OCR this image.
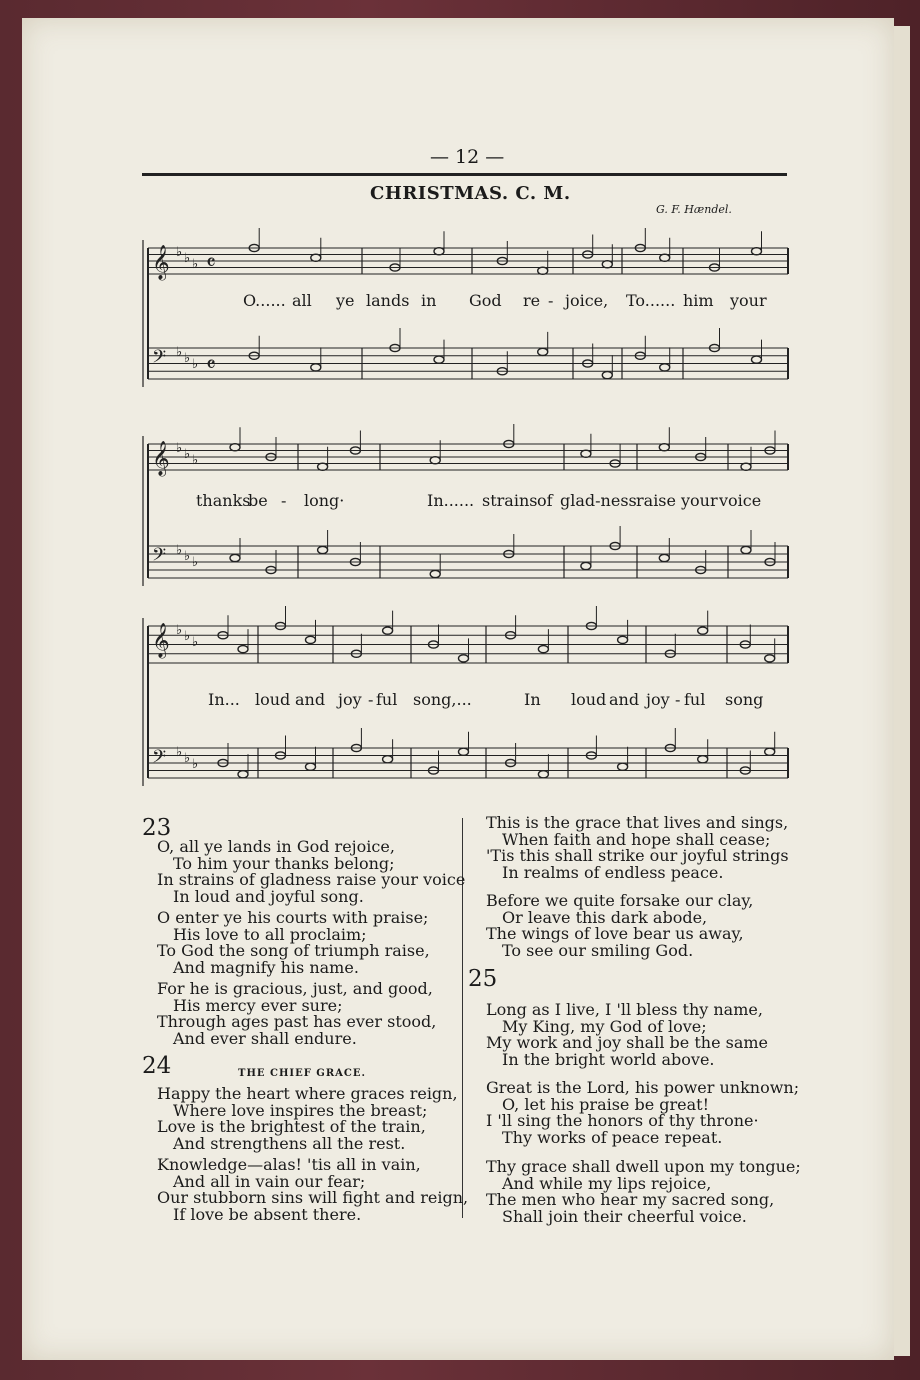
— 12 —
CHRISTMAS. C. M.
G. F. Hændel.
𝄞 ♭ ♭ ♭
𝄢 ♭ ♭ ♭
𝄞 ♭ ♭ ♭
𝄢 ♭ ♭ ♭
𝄞 ♭ ♭ ♭
𝄢 ♭ ♭ ♭
𝄴
𝄴
O...... all ye lands in God re - joice, To...... him your
thanks
be - long·	In...... strains of glad-ness raise your voice
In... loud and joy - ful song,...	In loud and joy - ful song
23
O, all ye lands in God rejoice,
To him your thanks belong;
In strains of gladness raise your voice
In loud and joyful song.
O enter ye his courts with praise;
His love to all proclaim;
To God the song of triumph raise,
And magnify his name.
For he is gracious, just, and good,
His mercy ever sure;
Through ages past has ever stood,
And ever shall endure.
24	THE CHIEF GRACE.
Happy the heart where graces reign,
Where love inspires the breast;
Love is the brightest of the train,
And strengthens all the rest.
Knowledge—alas! 'tis all in vain,
And all in vain our fear;
Our stubborn sins will fight and reign,
If love be absent there.
This is the grace that lives and sings,
When faith and hope shall cease;
'Tis this shall strike our joyful strings
In realms of endless peace.
Before we quite forsake our clay,
Or leave this dark abode,
The wings of love bear us away,
To see our smiling God.
25
Long as I live, I 'll bless thy name,
My King, my God of love;
My work and joy shall be the same
In the bright world above.
Great is the Lord, his power unknown;
O, let his praise be great!
I 'll sing the honors of thy throne·
Thy works of peace repeat.
Thy grace shall dwell upon my tongue;
And while my lips rejoice,
The men who hear my sacred song,
Shall join their cheerful voice.
